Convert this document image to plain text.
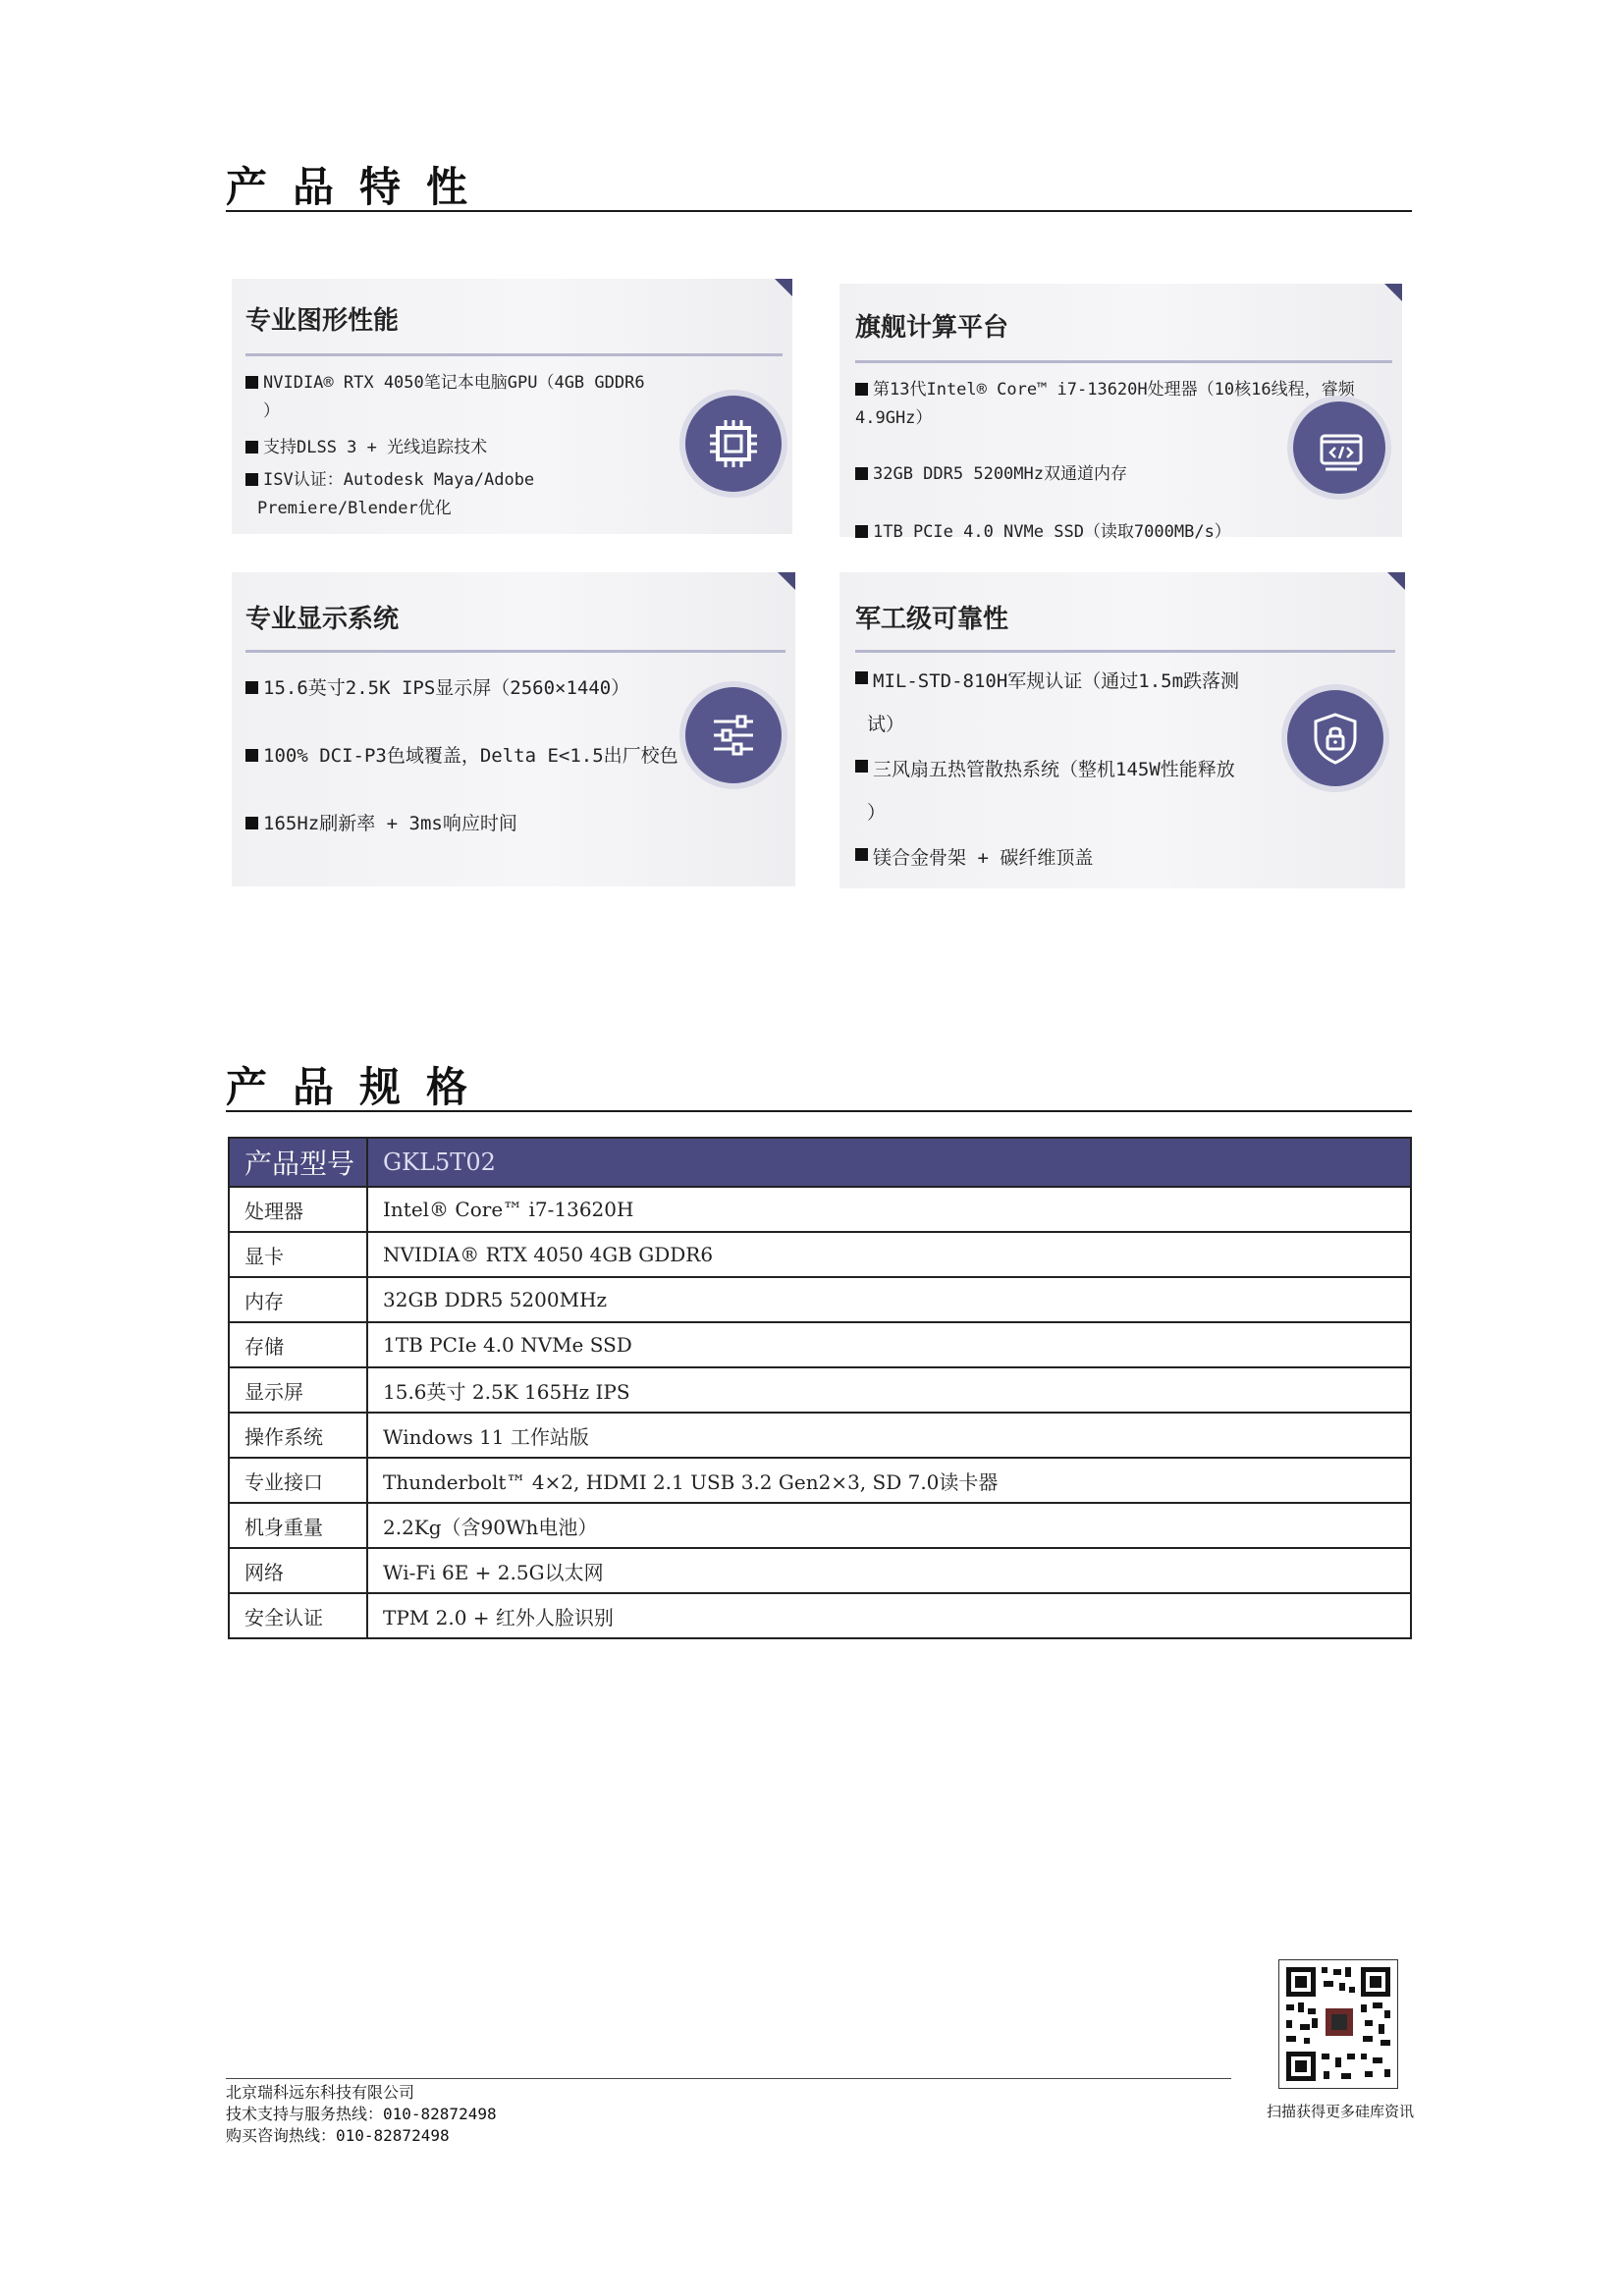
产品特性
专业图形性能
NVIDIA® RTX 4050笔记本电脑GPU（4GB GDDR6
）
支持DLSS 3 + 光线追踪技术
ISV认证：Autodesk Maya/Adobe
Premiere/Blender优化
旗舰计算平台
第13代Intel® Core™ i7-13620H处理器（10核16线程，睿频
4.9GHz）
32GB DDR5 5200MHz双通道内存
1TB PCIe 4.0 NVMe SSD（读取7000MB/s）
专业显示系统
15.6英寸2.5K IPS显示屏（2560×1440）
100% DCI-P3色域覆盖，Delta E<1.5出厂校色
165Hz刷新率 + 3ms响应时间
军工级可靠性
MIL-STD-810H军规认证（通过1.5m跌落测
试）
三风扇五热管散热系统（整机145W性能释放
）
镁合金骨架 + 碳纤维顶盖
产品规格
产品型号	GKL5T02
处理器	Intel® Core™ i7-13620H
显卡	NVIDIA® RTX 4050 4GB GDDR6
内存	32GB DDR5 5200MHz
存储	1TB PCIe 4.0 NVMe SSD
显示屏	15.6英寸 2.5K 165Hz IPS
操作系统	Windows 11 工作站版
专业接口	Thunderbolt™ 4×2, HDMI 2.1 USB 3.2 Gen2×3, SD 7.0读卡器
机身重量	2.2Kg（含90Wh电池）
网络	Wi-Fi 6E + 2.5G以太网
安全认证	TPM 2.0 + 红外人脸识别
北京瑞科远东科技有限公司
技术支持与服务热线：010-82872498
购买咨询热线：010-82872498
扫描获得更多硅库资讯
